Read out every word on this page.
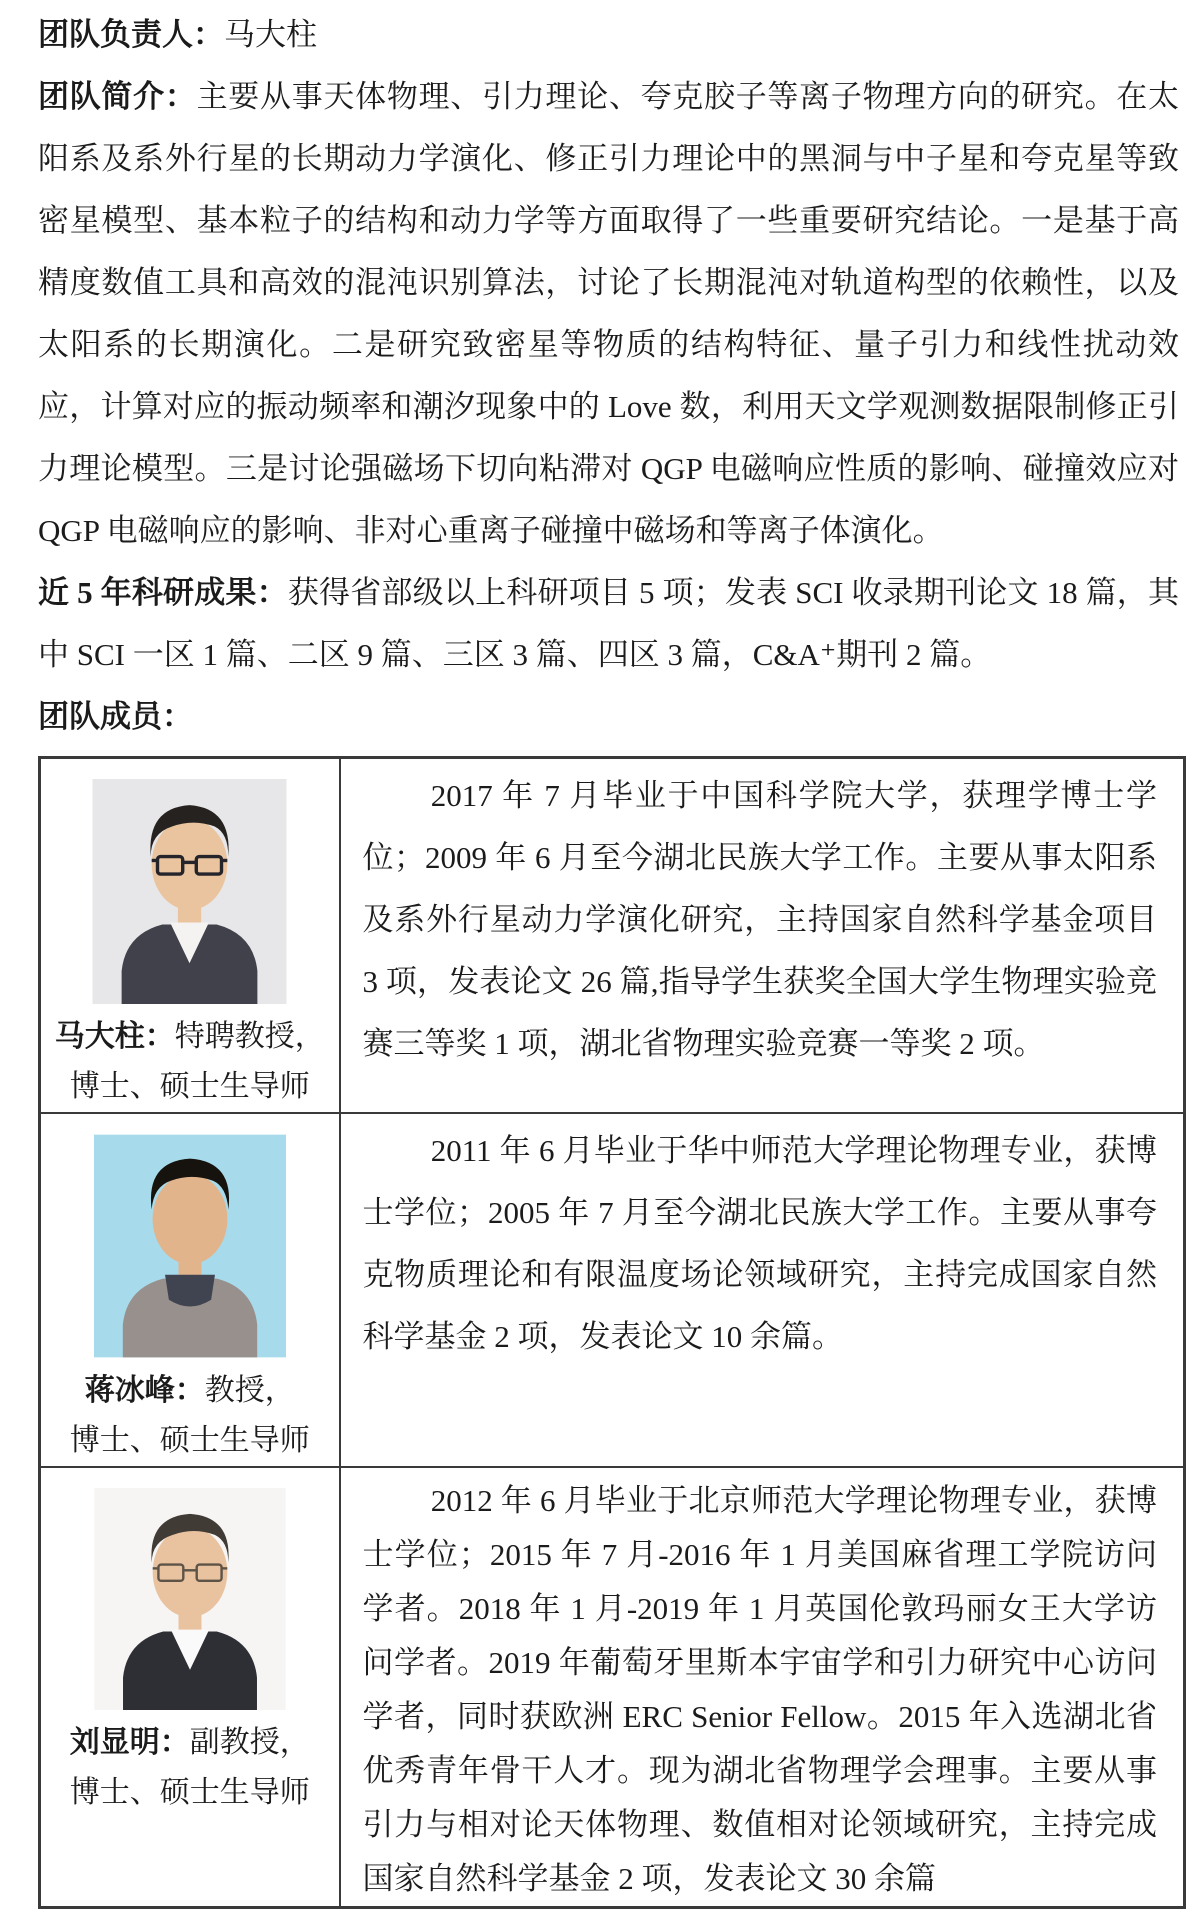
团队负责人：马大柱

团队简介：主要从事天体物理、引力理论、夸克胶子等离子物理方向的研究。在太阳系及系外行星的长期动力学演化、修正引力理论中的黑洞与中子星和夸克星等致密星模型、基本粒子的结构和动力学等方面取得了一些重要研究结论。一是基于高精度数值工具和高效的混沌识别算法，讨论了长期混沌对轨道构型的依赖性，以及太阳系的长期演化。二是研究致密星等物质的结构特征、量子引力和线性扰动效应，计算对应的振动频率和潮汐现象中的 Love 数，利用天文学观测数据限制修正引力理论模型。三是讨论强磁场下切向粘滞对 QGP 电磁响应性质的影响、碰撞效应对 QGP 电磁响应的影响、非对心重离子碰撞中磁场和等离子体演化。

近 5 年科研成果：获得省部级以上科研项目 5 项；发表 SCI 收录期刊论文 18 篇，其中 SCI 一区 1 篇、二区 9 篇、三区 3 篇、四区 3 篇，C&A⁺期刊 2 篇。

团队成员：

马大柱：特聘教授，
博士、硕士生导师	2017 年 7 月毕业于中国科学院大学，获理学博士学位；2009 年 6 月至今湖北民族大学工作。主要从事太阳系及系外行星动力学演化研究，主持国家自然科学基金项目 3 项，发表论文 26 篇,指导学生获奖全国大学生物理实验竞赛三等奖 1 项，湖北省物理实验竞赛一等奖 2 项。

蒋冰峰：教授，
博士、硕士生导师	2011 年 6 月毕业于华中师范大学理论物理专业，获博士学位；2005 年 7 月至今湖北民族大学工作。主要从事夸克物质理论和有限温度场论领域研究，主持完成国家自然科学基金 2 项，发表论文 10 余篇。

刘显明：副教授，
博士、硕士生导师	2012 年 6 月毕业于北京师范大学理论物理专业，获博士学位；2015 年 7 月-2016 年 1 月美国麻省理工学院访问学者。2018 年 1 月-2019 年 1 月英国伦敦玛丽女王大学访问学者。2019 年葡萄牙里斯本宇宙学和引力研究中心访问学者，同时获欧洲 ERC Senior Fellow。2015 年入选湖北省优秀青年骨干人才。现为湖北省物理学会理事。主要从事引力与相对论天体物理、数值相对论领域研究，主持完成国家自然科学基金 2 项，发表论文 30 余篇
